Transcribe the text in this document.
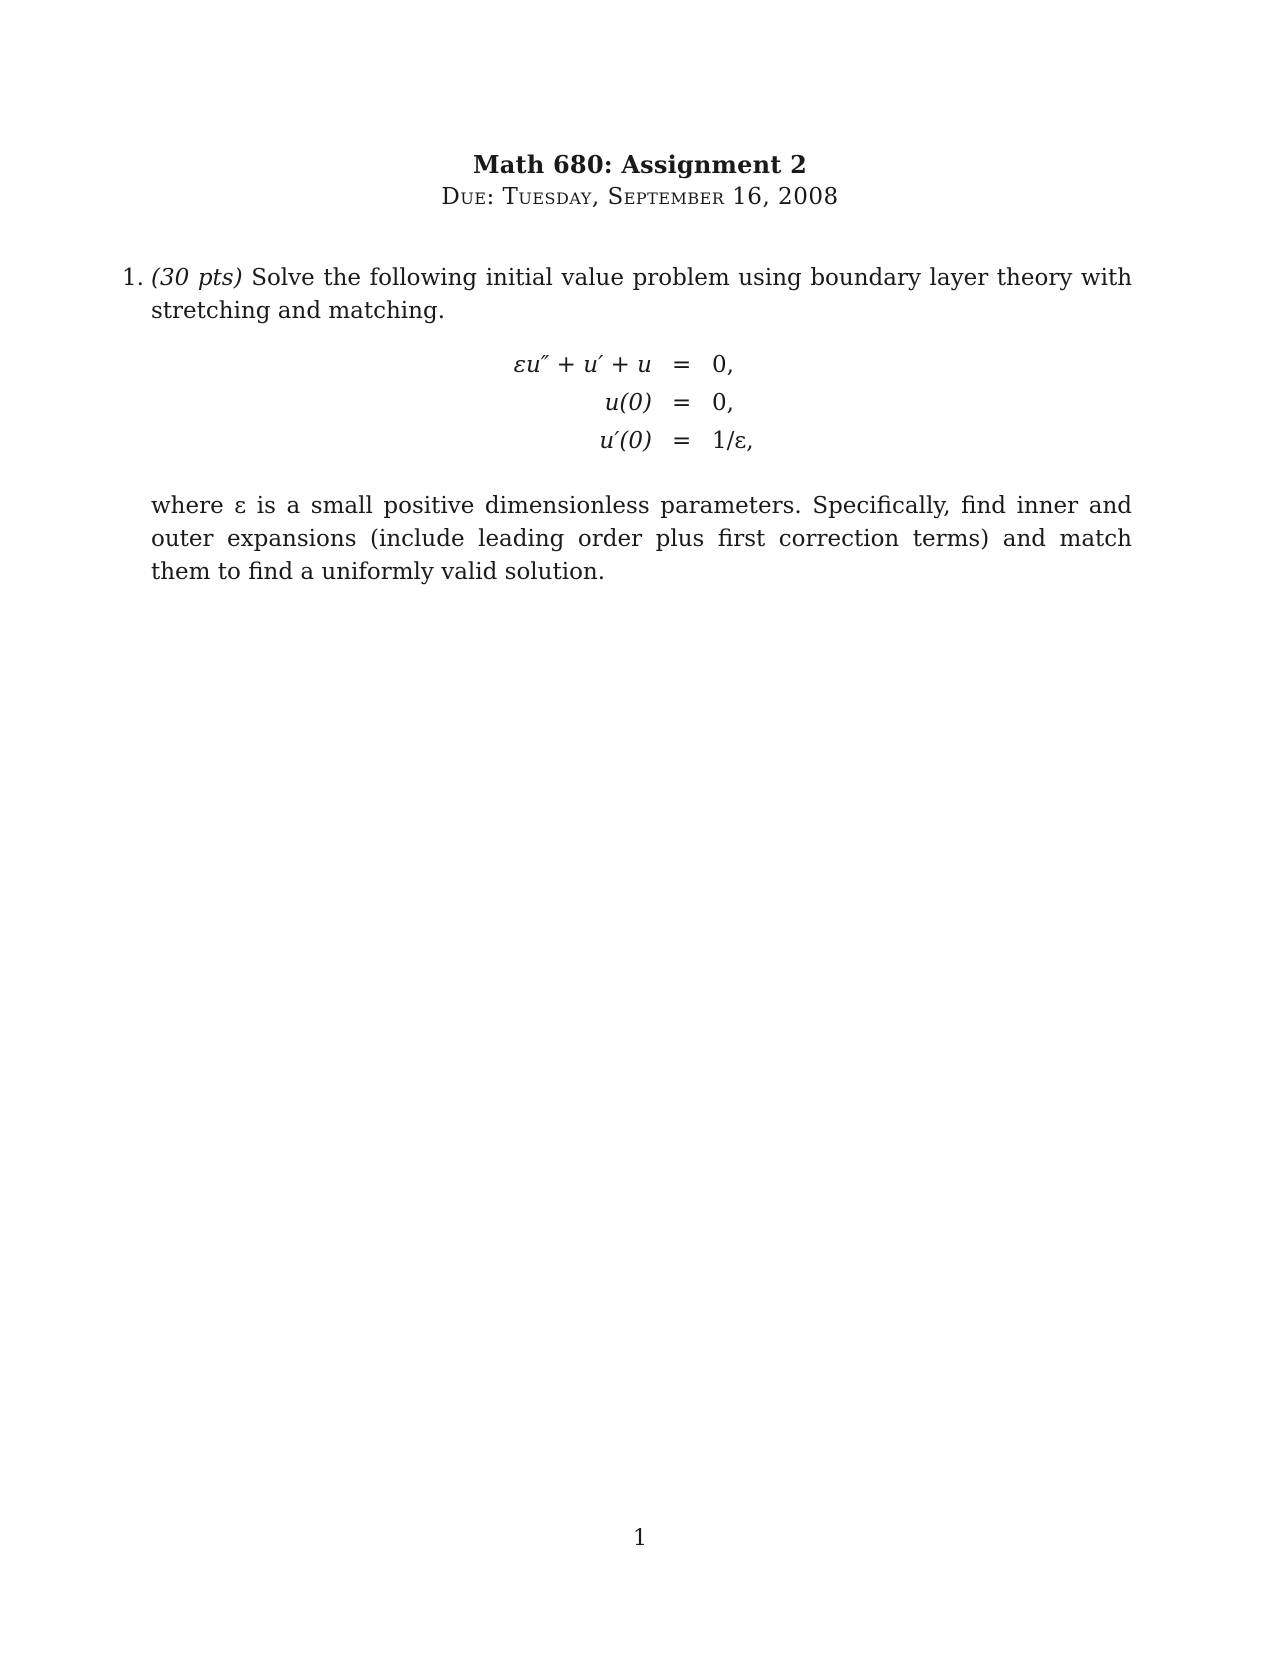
Math 680: Assignment 2
Due: Tuesday, September 16, 2008
1. (30 pts) Solve the following initial value problem using boundary layer theory with stretching and matching.
εu″ + u′ + u = 0,
u(0) = 0,
u′(0) = 1/ε,
where ε is a small positive dimensionless parameters. Specifically, find inner and outer expansions (include leading order plus first correction terms) and match them to find a uniformly valid solution.
1
